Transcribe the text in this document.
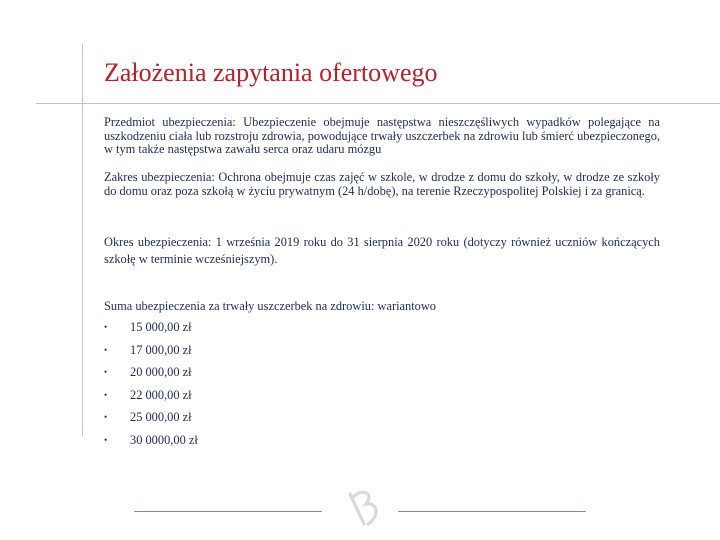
Założenia zapytania ofertowego
Przedmiot ubezpieczenia: Ubezpieczenie obejmuje następstwa nieszczęśliwych wypadków polegające na uszkodzeniu ciała lub rozstroju zdrowia, powodujące trwały uszczerbek na zdrowiu lub śmierć ubezpieczonego, w tym także następstwa zawału serca oraz udaru mózgu
Zakres ubezpieczenia: Ochrona obejmuje czas zajęć w szkole, w drodze z domu do szkoły, w drodze ze szkoły do domu oraz poza szkołą w życiu prywatnym (24 h/dobę), na terenie Rzeczypospolitej Polskiej i za granicą.
Okres ubezpieczenia: 1 września 2019 roku do 31 sierpnia 2020 roku (dotyczy również uczniów kończących szkołę w terminie wcześniejszym).
Suma ubezpieczenia za trwały uszczerbek na zdrowiu: wariantowo
•	15 000,00 zł
•	17 000,00 zł
•	20 000,00 zł
•	22 000,00 zł
•	25 000,00 zł
•	30 0000,00 zł
